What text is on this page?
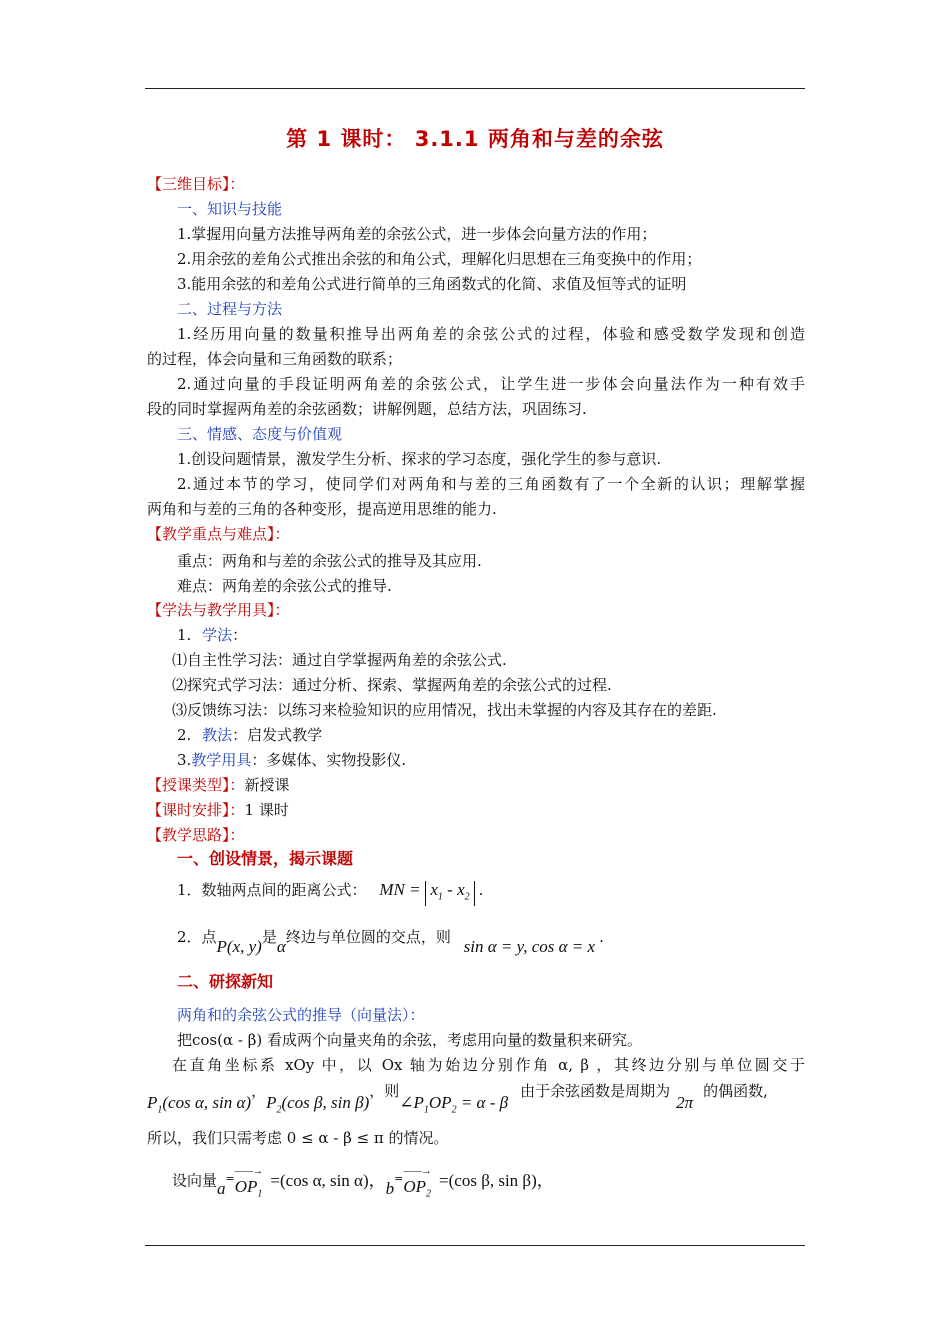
第 1 课时： 3.1.1 两角和与差的余弦
【三维目标】：
一、知识与技能
1.掌握用向量方法推导两角差的余弦公式，进一步体会向量方法的作用；
2.用余弦的差角公式推出余弦的和角公式，理解化归思想在三角变换中的作用；
3.能用余弦的和差角公式进行简单的三角函数式的化简、求值及恒等式的证明
二、过程与方法
1.经历用向量的数量积推导出两角差的余弦公式的过程，体验和感受数学发现和创造
的过程，体会向量和三角函数的联系；
2.通过向量的手段证明两角差的余弦公式，让学生进一步体会向量法作为一种有效手
段的同时掌握两角差的余弦函数；讲解例题，总结方法，巩固练习.
三、情感、态度与价值观
1.创设问题情景，激发学生分析、探求的学习态度，强化学生的参与意识.
2.通过本节的学习，使同学们对两角和与差的三角函数有了一个全新的认识；理解掌握
两角和与差的三角的各种变形，提高逆用思维的能力.
【教学重点与难点】：
重点：两角和与差的余弦公式的推导及其应用.
难点：两角差的余弦公式的推导.
【学法与教学用具】：
1. 学法：
⑴自主性学习法：通过自学掌握两角差的余弦公式.
⑵探究式学习法：通过分析、探索、掌握两角差的余弦公式的过程.
⑶反馈练习法：以练习来检验知识的应用情况，找出未掌握的内容及其存在的差距.
2. 教法：启发式教学
3.教学用具：多媒体、实物投影仪.
【授课类型】：新授课
【课时安排】：1 课时
【教学思路】：
一、创设情景，揭示课题
1．数轴两点间的距离公式： MN = $x_1 - x_2$ .
2．点P(x, y)是α终边与单位圆的交点，则 sin α = y, cos α = x .
二、研探新知
两角和的余弦公式的推导（向量法）：
把cos(α - β) 看成两个向量夹角的余弦，考虑用向量的数量积来研究。
在直角坐标系 xOy 中，以 Ox 轴为始边分别作角 α, β ，其终边分别与单位圆交于
$P_1(\cos$ α, sin α)，$P_2(\cos$ β, sin β)，则$\angle P_1OP_2 = \alpha - \beta$由于余弦函数是周期为2π的偶函数,
所以，我们只需考虑 0 ≤ α - β ≤ π 的情况。
设向量a=
——→
$OP_1=(\cos$ α, sin α)，b=
——→
$OP_2=(\cos$ β, sin β)，
